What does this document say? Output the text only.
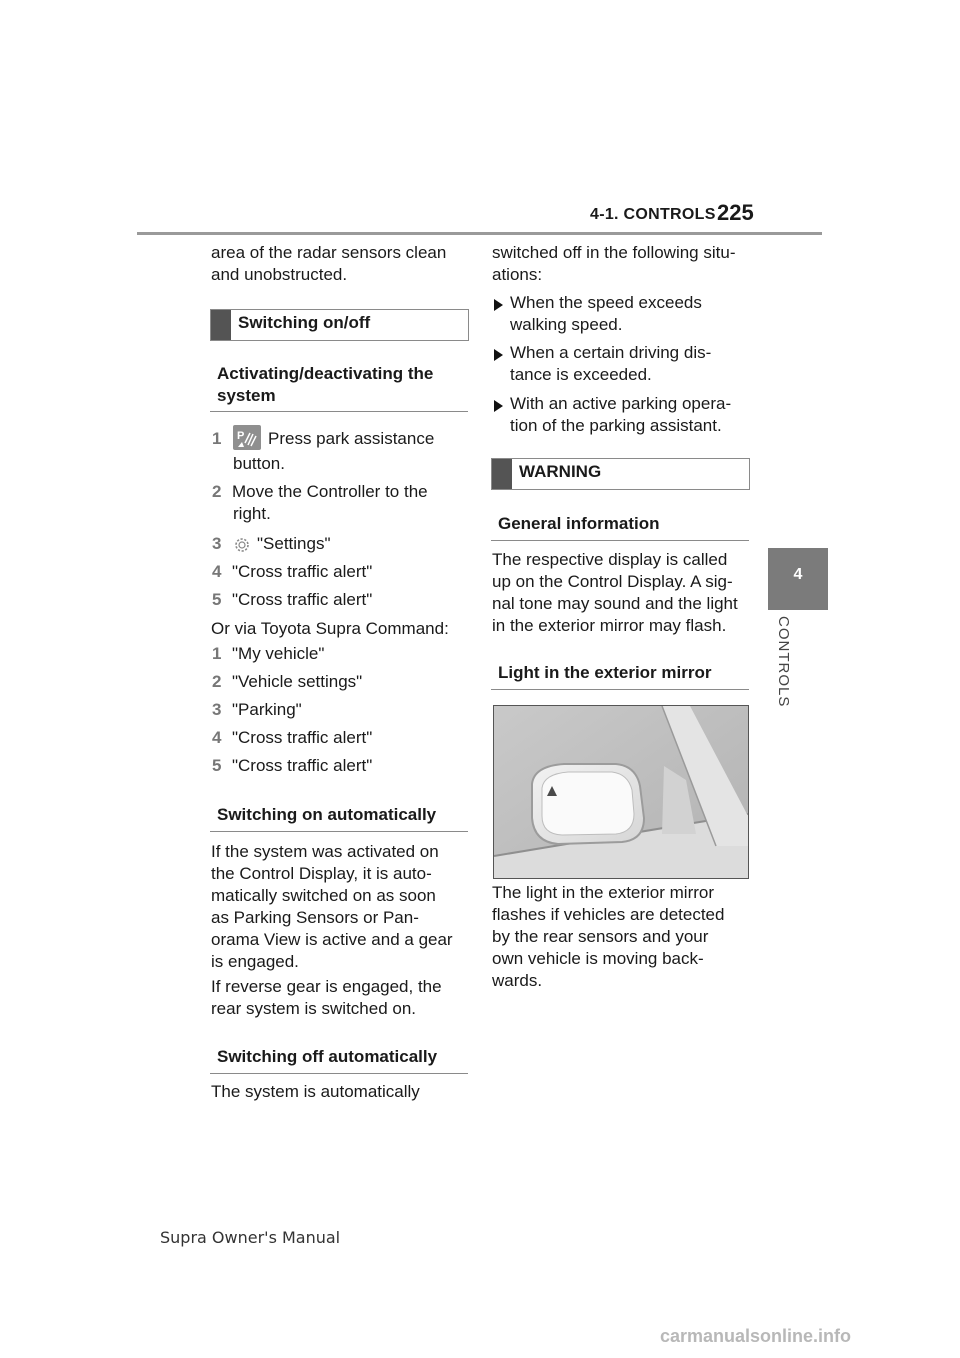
4-1. CONTROLS 225
4
CONTROLS
area of the radar sensors clean
and unobstructed.
Switching on/off
Activating/deactivating the
system
1	P Press park assistance
button.
2 Move the Controller to the
right.
3	"Settings"
4 "Cross traffic alert"
5 "Cross traffic alert"
Or via Toyota Supra Command:
1 "My vehicle"
2 "Vehicle settings"
3 "Parking"
4 "Cross traffic alert"
5 "Cross traffic alert"
Switching on automatically
If the system was activated on
the Control Display, it is auto-
matically switched on as soon
as Parking Sensors or Pan-
orama View is active and a gear
is engaged.
If reverse gear is engaged, the
rear system is switched on.
Switching off automatically
The system is automatically
switched off in the following situ-
ations:
When the speed exceeds
walking speed.
When a certain driving dis-
tance is exceeded.
With an active parking opera-
tion of the parking assistant.
WARNING
General information
The respective display is called
up on the Control Display. A sig-
nal tone may sound and the light
in the exterior mirror may flash.
Light in the exterior mirror
The light in the exterior mirror
flashes if vehicles are detected
by the rear sensors and your
own vehicle is moving back-
wards.
Supra Owner's Manual
carmanualsonline.info
